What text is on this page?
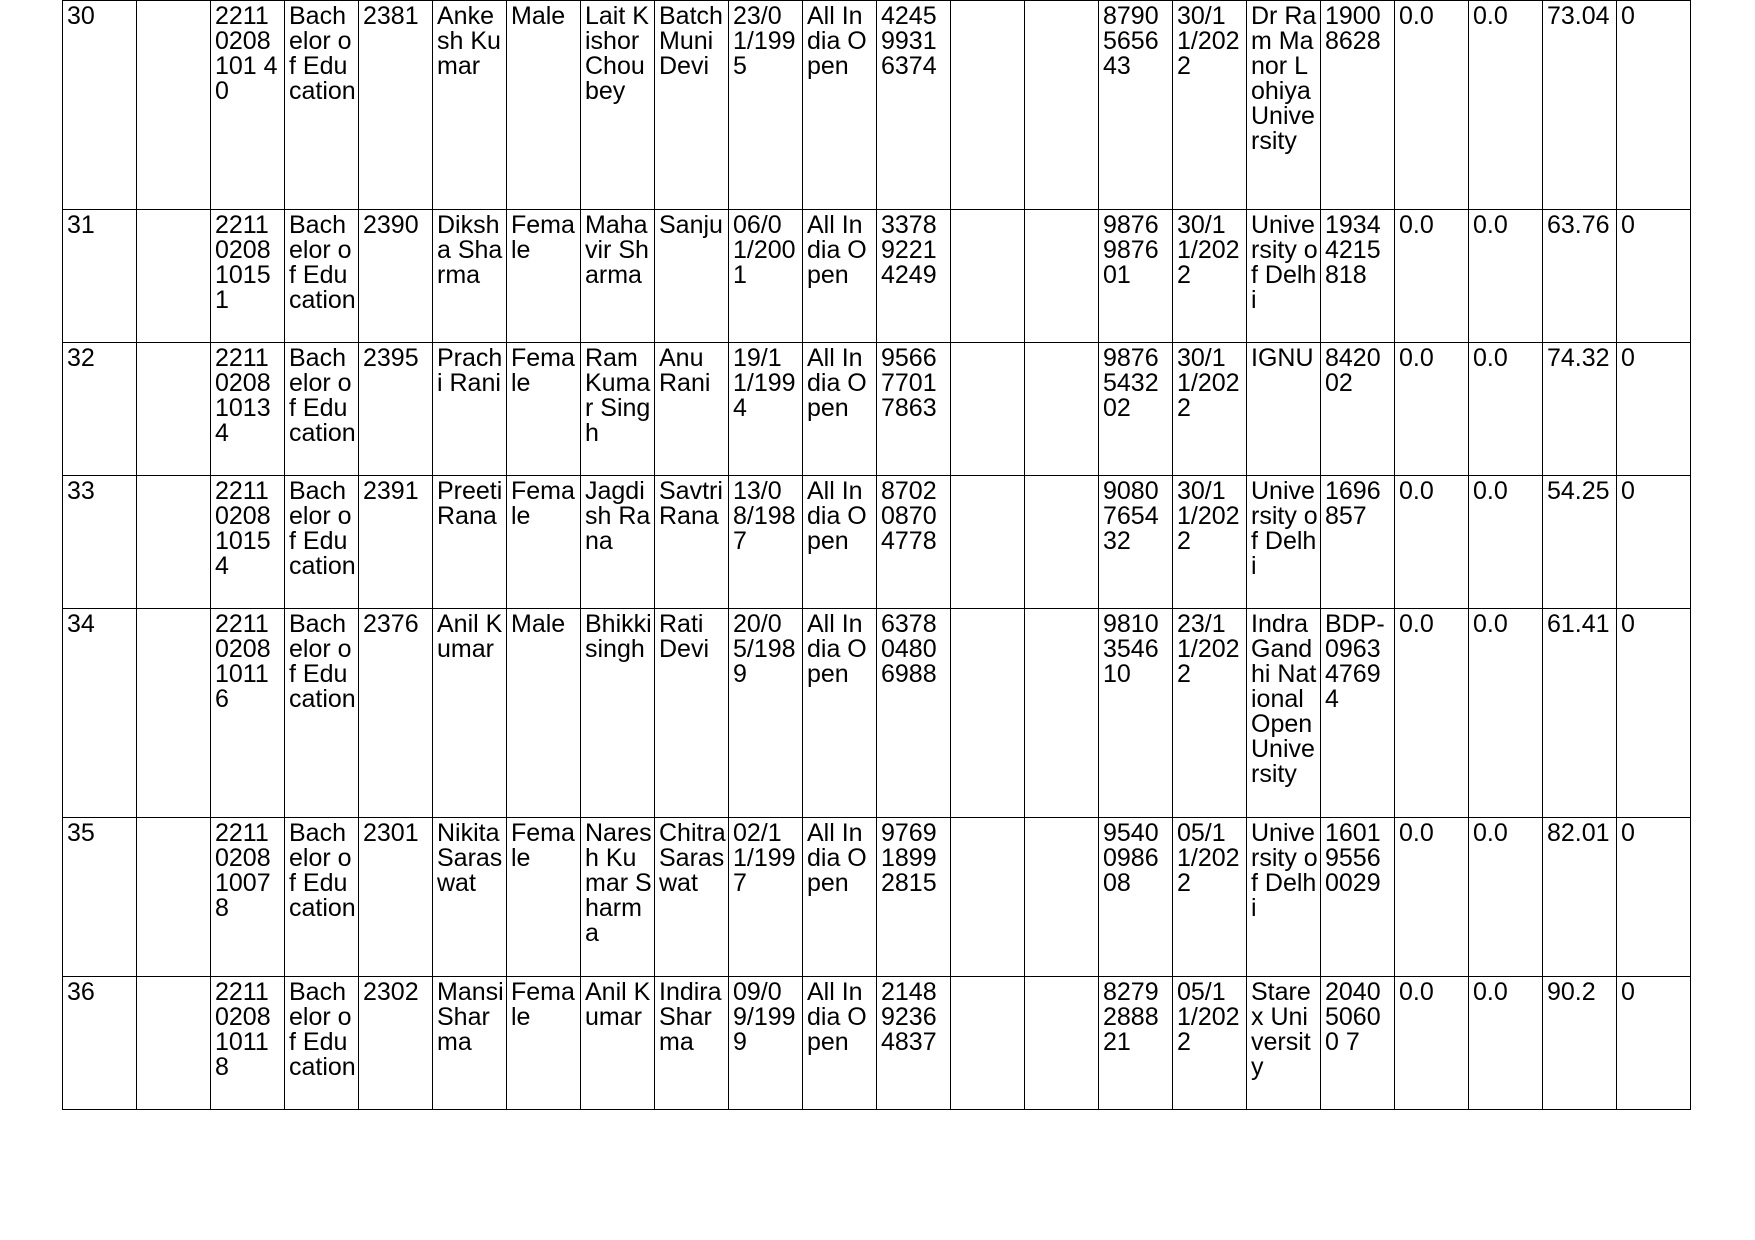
30		22110208101 40	Bachelor of Education	2381	Ankesh Kumar	Male	Lait Kishor Choubey	Batch Muni Devi	23/01/1995	All India Open	424599316374			8790565643	30/11/2022	Dr Ram Manor Lohiya University	19008628	0.0	0.0	73.04	0
31		221102081015 1	Bachelor of Education	2390	Diksha Sharma	Female	Mahavir Sharma	Sanju	06/01/2001	All India Open	337892214249			9876987601	30/11/2022	University of Delhi	19344215818	0.0	0.0	63.76	0
32		221102081013 4	Bachelor of Education	2395	Prachi Rani	Female	Ram Kumar Singh	Anu Rani	19/11/1994	All India Open	956677017863			9876543202	30/11/2022	IGNU	842002	0.0	0.0	74.32	0
33		221102081015 4	Bachelor of Education	2391	Preeti Rana	Female	Jagdish Rana	Savtri Rana	13/08/1987	All India Open	870208704778			9080765432	30/11/2022	University of Delhi	1696857	0.0	0.0	54.25	0
34		221102081011 6	Bachelor of Education	2376	Anil Kumar	Male	Bhikki singh	Rati Devi	20/05/1989	All India Open	637804806988			9810354610	23/11/2022	Indra Gandhi National Open University	BDP-096347694	0.0	0.0	61.41	0
35		221102081007 8	Bachelor of Education	2301	Nikita Saraswat	Female	Naresh Kumar Sharma	Chitra Saraswat	02/11/1997	All India Open	976918992815			9540098608	05/11/2022	University of Delhi	160195560029	0.0	0.0	82.01	0
36		221102081011 8	Bachelor of Education	2302	Mansi Sharma	Female	Anil Kumar	Indira Sharma	09/09/1999	All India Open	214892364837			8279288821	05/11/2022	Starex University	204050600 7	0.0	0.0	90.2	0
